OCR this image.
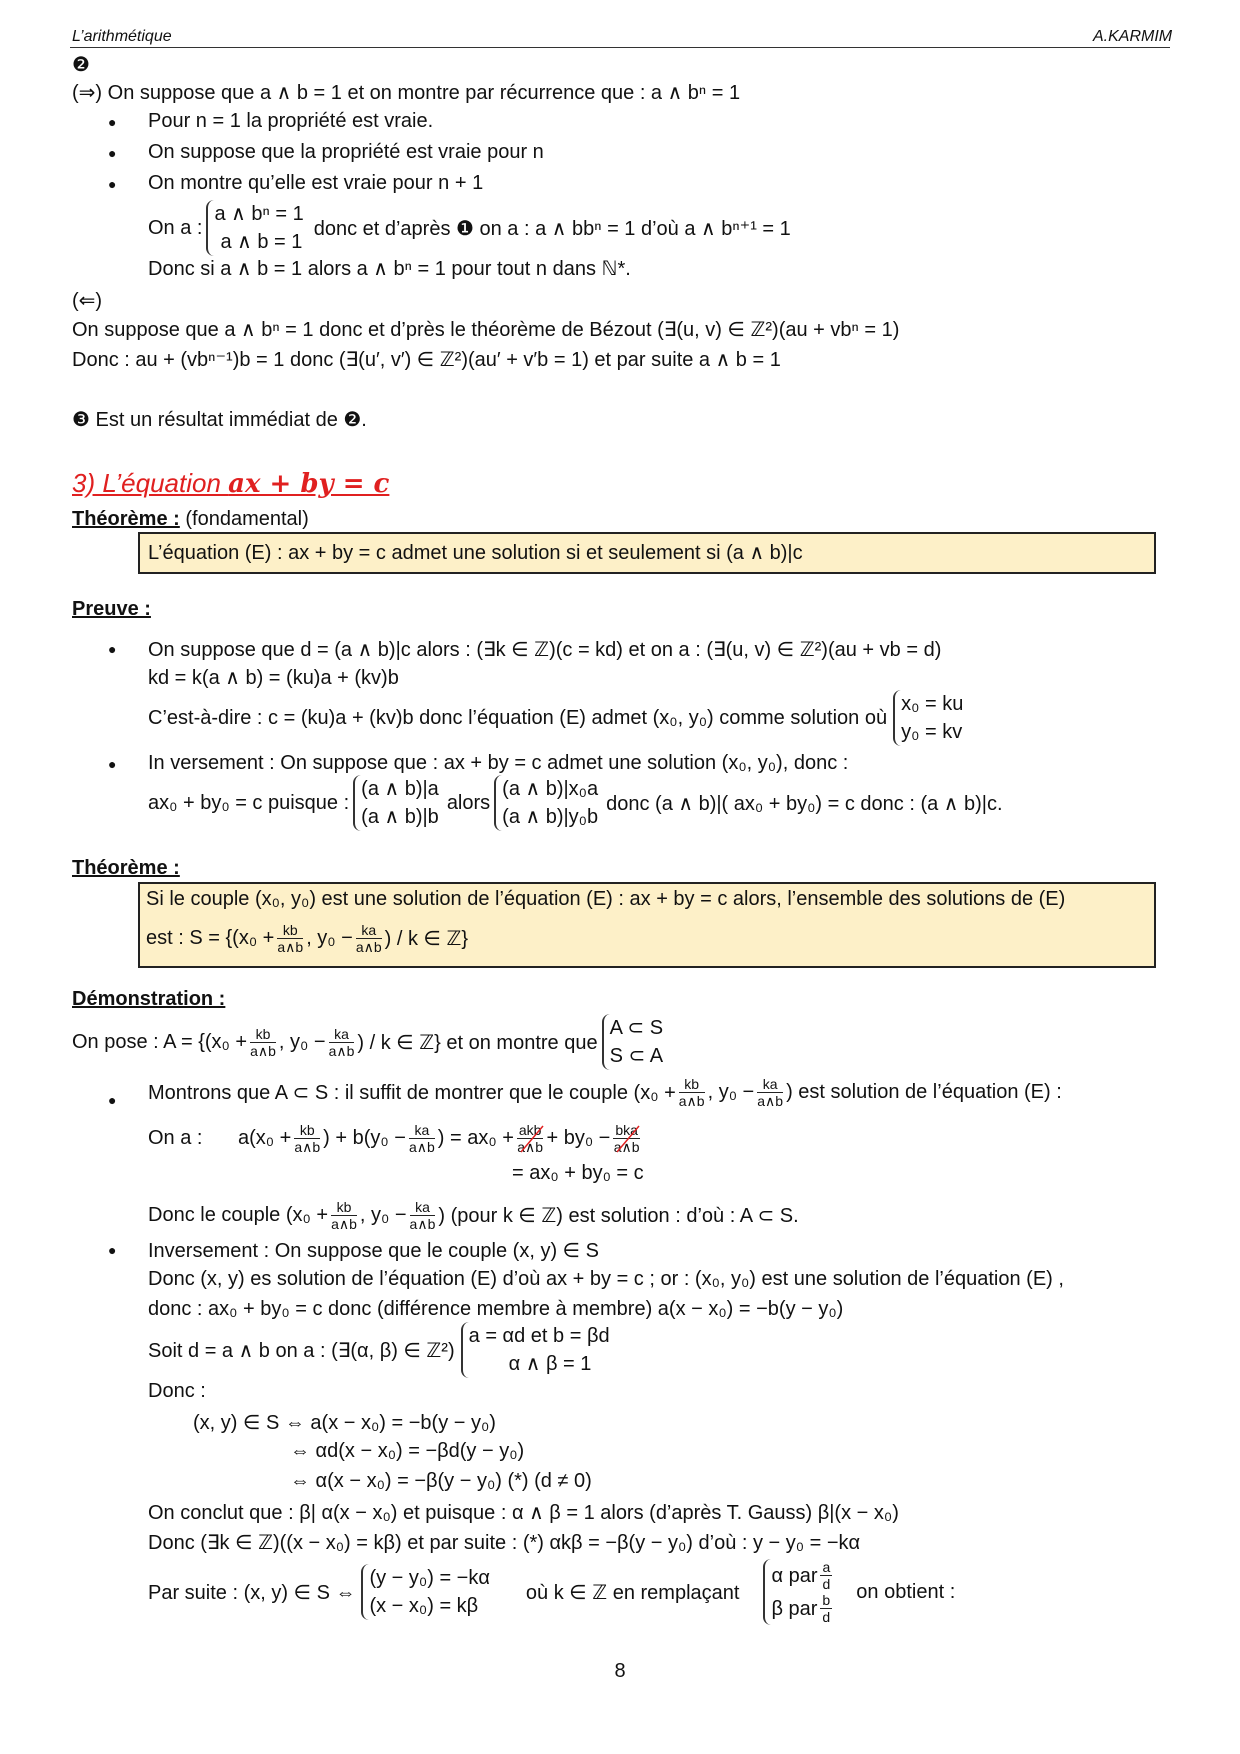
L’arithmétique	A.KARMIM
❷
(⇒) On suppose que a ∧ b = 1 et on montre par récurrence que : a ∧ bⁿ = 1
● Pour n = 1 la propriété est vraie.
● On suppose que la propriété est vraie pour n
● On montre qu’elle est vraie pour n + 1
On a :
a ∧ bⁿ = 1
a ∧ b = 1
donc et d’après ❶ on a : a ∧ bbⁿ = 1 d’où a ∧ bⁿ⁺¹ = 1
Donc si a ∧ b = 1 alors a ∧ bⁿ = 1 pour tout n dans ℕ*.
(⇐)
On suppose que a ∧ bⁿ = 1 donc et d’près le théorème de Bézout (∃(u, v) ∈ ℤ²)(au + vbⁿ = 1)
Donc : au + (vbⁿ⁻¹)b = 1 donc (∃(u′, v′) ∈ ℤ²)(au′ + v′b = 1) et par suite a ∧ b = 1
❸ Est un résultat immédiat de ❷.
3) L’équation ax + by = c
Théorème : (fondamental)
L’équation (E) : ax + by = c admet une solution si et seulement si (a ∧ b)|c
Preuve :
● On suppose que d = (a ∧ b)|c alors : (∃k ∈ ℤ)(c = kd) et on a : (∃(u, v) ∈ ℤ²)(au + vb = d)
kd = k(a ∧ b) = (ku)a + (kv)b
C’est-à-dire : c = (ku)a + (kv)b donc l’équation (E) admet (x₀, y₀) comme solution où
x₀ = ku
y₀ = kv
● In versement : On suppose que : ax + by = c admet une solution (x₀, y₀), donc :
ax₀ + by₀ = c puisque :
(a ∧ b)|a
(a ∧ b)|b
alors
(a ∧ b)|x₀a
(a ∧ b)|y₀b
donc (a ∧ b)|( ax₀ + by₀) = c donc : (a ∧ b)|c.
Théorème :
Si le couple (x₀, y₀) est une solution de l’équation (E) : ax + by = c alors, l’ensemble des solutions de (E)
est : $S = \{(x_0 + \frac{kb}{a\wedge b}$ , $y_0 - \frac{ka}{a\wedge b}$ ) / k ∈ ℤ}
Démonstration :
On pose : $A = \{(x_0 + \frac{kb}{a\wedge b}$ , $y_0 - \frac{ka}{a\wedge b}$ ) / k ∈ ℤ} et on montre que
A ⊂ S
S ⊂ A
● Montrons que A ⊂ S : il suffit de montrer que le couple ($x_0 + \frac{kb}{a\wedge b}$ , $y_0 - \frac{ka}{a\wedge b}$ ) est solution de l’équation (E) :
On a :	$a(x_0 + \frac{kb}{a\wedge b}$ ) + $b(y_0 - \frac{ka}{a\wedge b}$ ) = $ax_0 + \frac{\text{akb}}{a\wedge b} + by_0 - \frac{\text{bka}}{a\wedge b}$
= ax₀ + by₀ = c
Donc le couple ($x_0 + \frac{kb}{a\wedge b}$ , $y_0 - \frac{ka}{a\wedge b}$ ) (pour k ∈ ℤ) est solution : d’où : A ⊂ S.
● Inversement : On suppose que le couple (x, y) ∈ S
Donc (x, y) es solution de l’équation (E) d’où ax + by = c ; or : (x₀, y₀) est une solution de l’équation (E) ,
donc : ax₀ + by₀ = c donc (différence membre à membre) a(x − x₀) = −b(y − y₀)
Soit d = a ∧ b on a : (∃(α, β) ∈ ℤ²)
a = αd et b = βd
α ∧ β = 1
Donc :
(x, y) ∈ S ⇔ a(x − x₀) = −b(y − y₀)
⇔ αd(x − x₀) = −βd(y − y₀)
⇔ α(x − x₀) = −β(y − y₀) (*) (d ≠ 0)
On conclut que : β| α(x − x₀) et puisque : α ∧ β = 1 alors (d’après T. Gauss) β|(x − x₀)
Donc (∃k ∈ ℤ)((x − x₀) = kβ) et par suite : (*) αkβ = −β(y − y₀) d’où : y − y₀ = −kα
Par suite : (x, y) ∈ S ⇔
(y − y₀) = −kα
(x − x₀) = kβ
où k ∈ ℤ en remplaçant
α par $\frac{a}{d}$
β par $\frac{b}{d}$
on obtient :
8
